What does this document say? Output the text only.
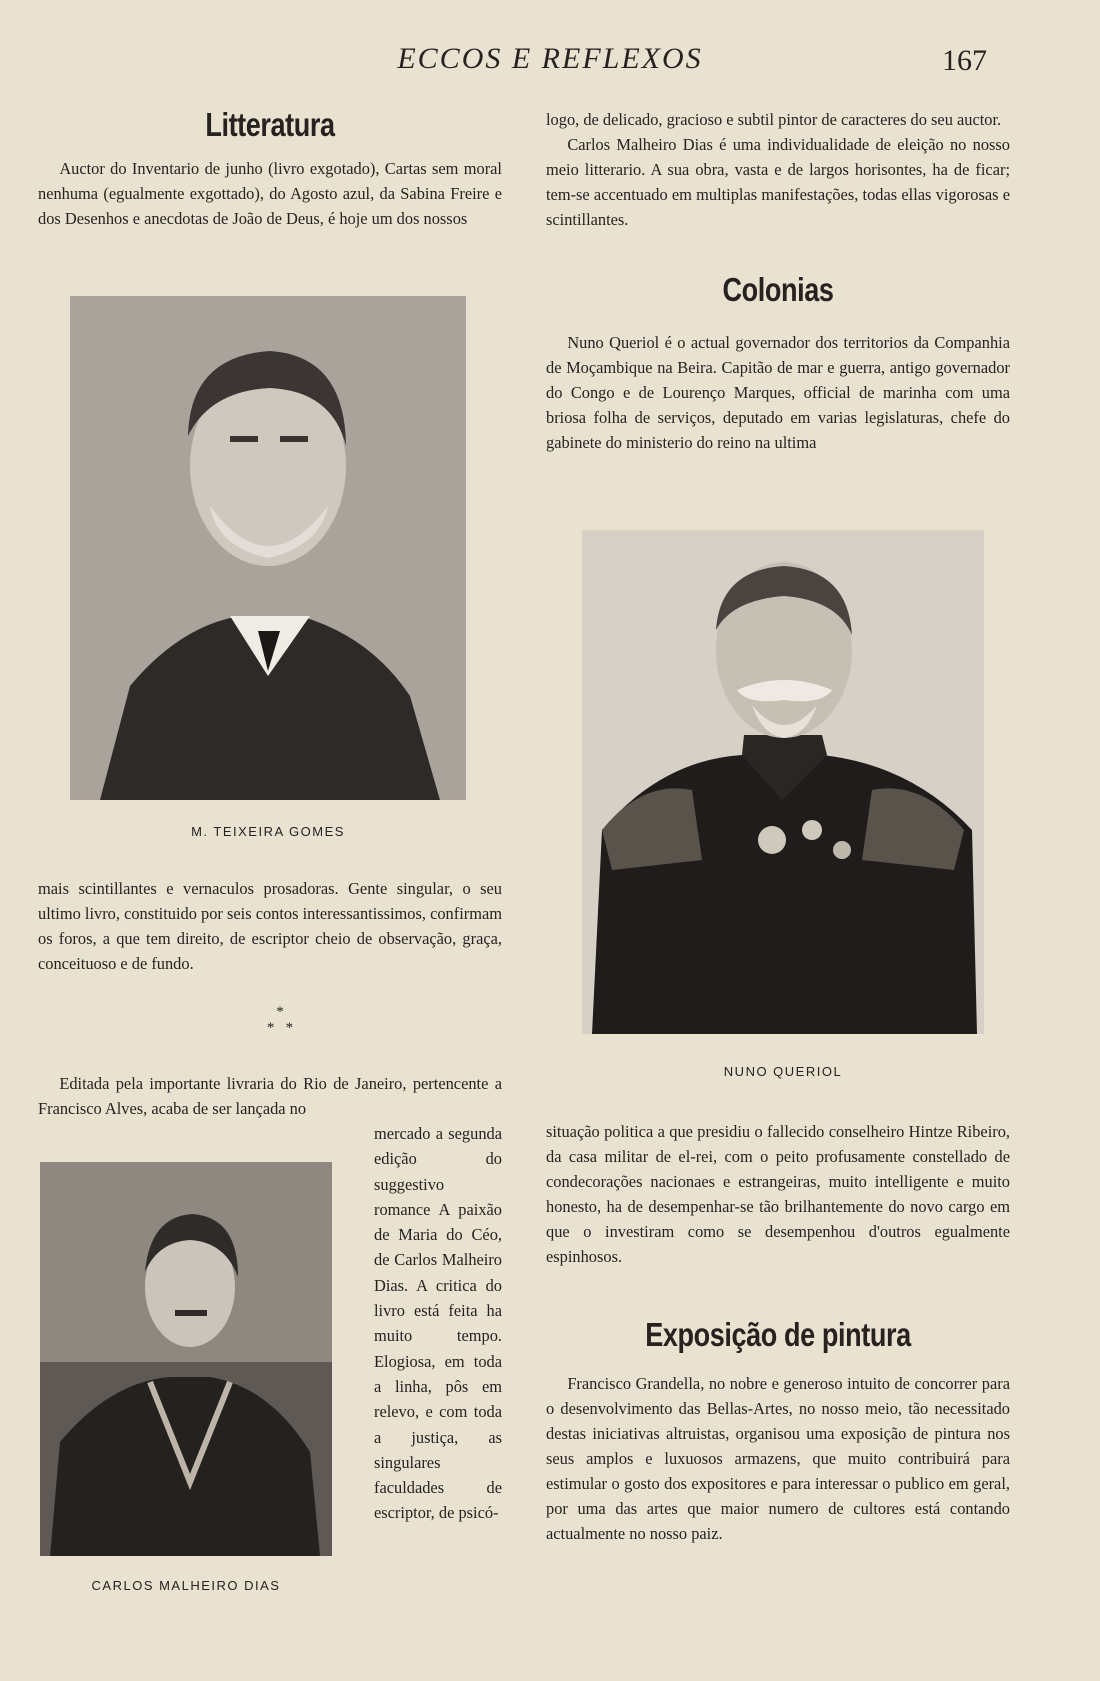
ECCOS E REFLEXOS	167
Litteratura

Auctor do Inventario de junho (livro exgotado), Cartas sem moral nenhuma (egualmente exgottado), do Agosto azul, da Sabina Freire e dos Desenhos e anecdotas de João de Deus, é hoje um dos nossos

M. TEIXEIRA GOMES

mais scintillantes e vernaculos prosadoras. Gente singular, o seu ultimo livro, constituido por seis contos interessantissimos, confirmam os foros, a que tem direito, de escriptor cheio de observação, graça, conceituoso e de fundo.

*
*   *

Editada pela importante livraria do Rio de Janeiro, pertencente a Francisco Alves, acaba de ser lançada no

mercado a segunda edição do suggestivo romance A paixão de Maria do Céo, de Carlos Malheiro Dias. A critica do livro está feita ha muito tempo. Elogiosa, em toda a linha, pôs em relevo, e com toda a justiça, as singulares faculdades de escriptor, de psicó-

CARLOS MALHEIRO DIAS

logo, de delicado, gracioso e subtil pintor de caracteres do seu auctor.

Carlos Malheiro Dias é uma individualidade de eleição no nosso meio litterario. A sua obra, vasta e de largos horisontes, ha de ficar; tem-se accentuado em multiplas manifestações, todas ellas vigorosas e scintillantes.

Colonias

Nuno Queriol é o actual governador dos territorios da Companhia de Moçambique na Beira. Capitão de mar e guerra, antigo governador do Congo e de Lourenço Marques, official de marinha com uma briosa folha de serviços, deputado em varias legislaturas, chefe do gabinete do ministerio do reino na ultima

NUNO QUERIOL

situação politica a que presidiu o fallecido conselheiro Hintze Ribeiro, da casa militar de el-rei, com o peito profusamente constellado de condecorações nacionaes e estrangeiras, muito intelligente e muito honesto, ha de desempenhar-se tão brilhantemente do novo cargo em que o investiram como se desempenhou d'outros egualmente espinhosos.

Exposição de pintura

Francisco Grandella, no nobre e generoso intuito de concorrer para o desenvolvimento das Bellas-Artes, no nosso meio, tão necessitado destas iniciativas altruistas, organisou uma exposição de pintura nos seus amplos e luxuosos armazens, que muito contribuirá para estimular o gosto dos expositores e para interessar o publico em geral, por uma das artes que maior numero de cultores está contando actualmente no nosso paiz.
